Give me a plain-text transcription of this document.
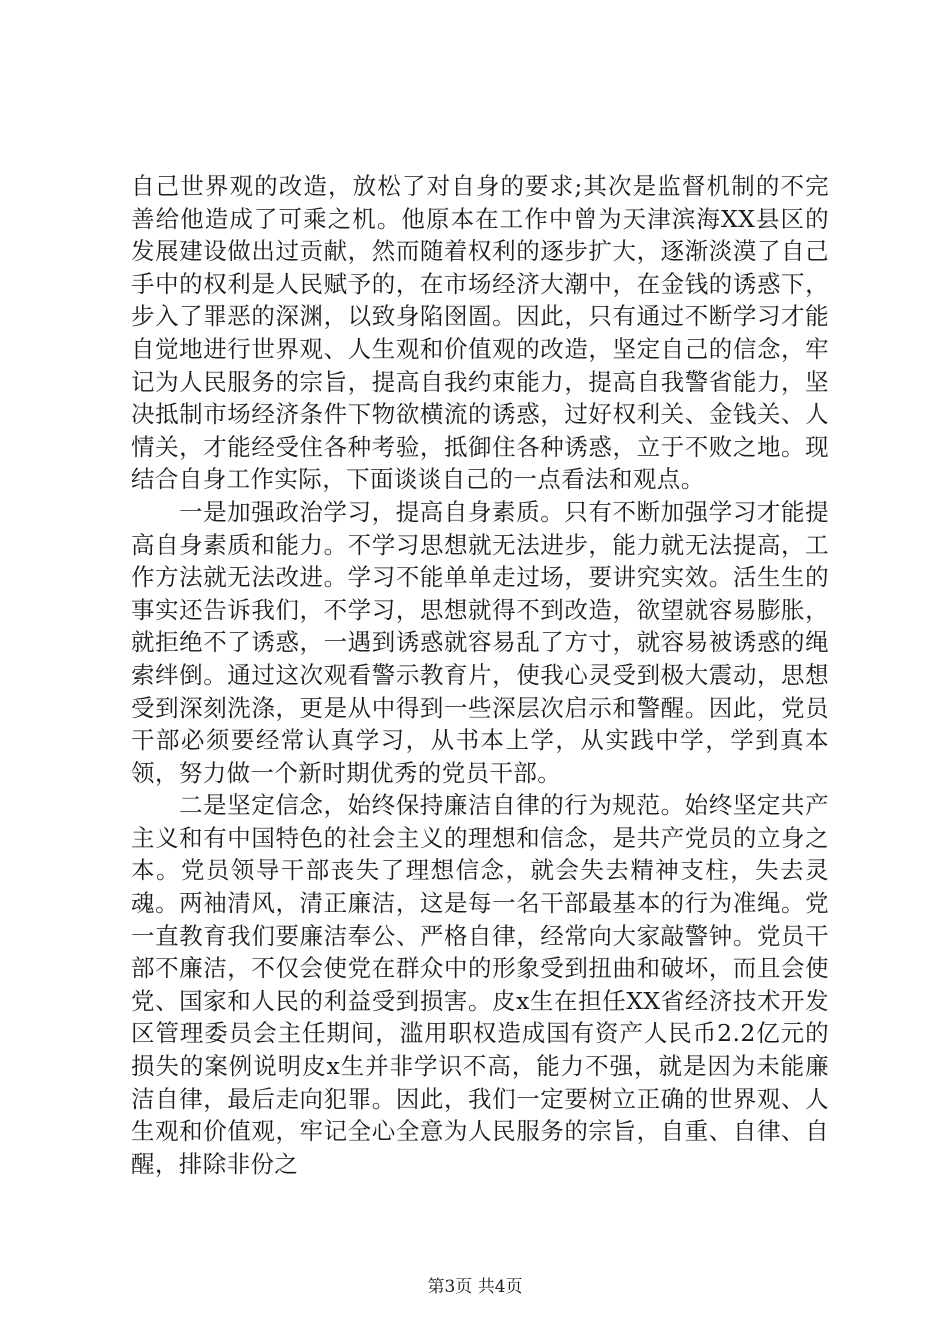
自己世界观的改造，放松了对自身的要求;其次是监督机制的不完善给他造成了可乘之机。他原本在工作中曾为天津滨海XX县区的发展建设做出过贡献，然而随着权利的逐步扩大，逐渐淡漠了自己手中的权利是人民赋予的，在市场经济大潮中，在金钱的诱惑下，步入了罪恶的深渊，以致身陷囹圄。因此，只有通过不断学习才能自觉地进行世界观、人生观和价值观的改造，坚定自己的信念，牢记为人民服务的宗旨，提高自我约束能力，提高自我警省能力，坚决抵制市场经济条件下物欲横流的诱惑，过好权利关、金钱关、人情关，才能经受住各种考验，抵御住各种诱惑，立于不败之地。现结合自身工作实际，下面谈谈自己的一点看法和观点。

一是加强政治学习，提高自身素质。只有不断加强学习才能提高自身素质和能力。不学习思想就无法进步，能力就无法提高，工作方法就无法改进。学习不能单单走过场，要讲究实效。活生生的事实还告诉我们，不学习，思想就得不到改造，欲望就容易膨胀，就拒绝不了诱惑，一遇到诱惑就容易乱了方寸，就容易被诱惑的绳索绊倒。通过这次观看警示教育片，使我心灵受到极大震动，思想受到深刻洗涤，更是从中得到一些深层次启示和警醒。因此，党员干部必须要经常认真学习，从书本上学，从实践中学，学到真本领，努力做一个新时期优秀的党员干部。

二是坚定信念，始终保持廉洁自律的行为规范。始终坚定共产主义和有中国特色的社会主义的理想和信念，是共产党员的立身之本。党员领导干部丧失了理想信念，就会失去精神支柱，失去灵魂。两袖清风，清正廉洁，这是每一名干部最基本的行为准绳。党一直教育我们要廉洁奉公、严格自律，经常向大家敲警钟。党员干部不廉洁，不仅会使党在群众中的形象受到扭曲和破坏，而且会使党、国家和人民的利益受到损害。皮x生在担任XX省经济技术开发区管理委员会主任期间，滥用职权造成国有资产人民币2.2亿元的损失的案例说明皮x生并非学识不高，能力不强，就是因为未能廉洁自律，最后走向犯罪。因此，我们一定要树立正确的世界观、人生观和价值观，牢记全心全意为人民服务的宗旨，自重、自律、自醒，排除非份之

第3页 共4页
